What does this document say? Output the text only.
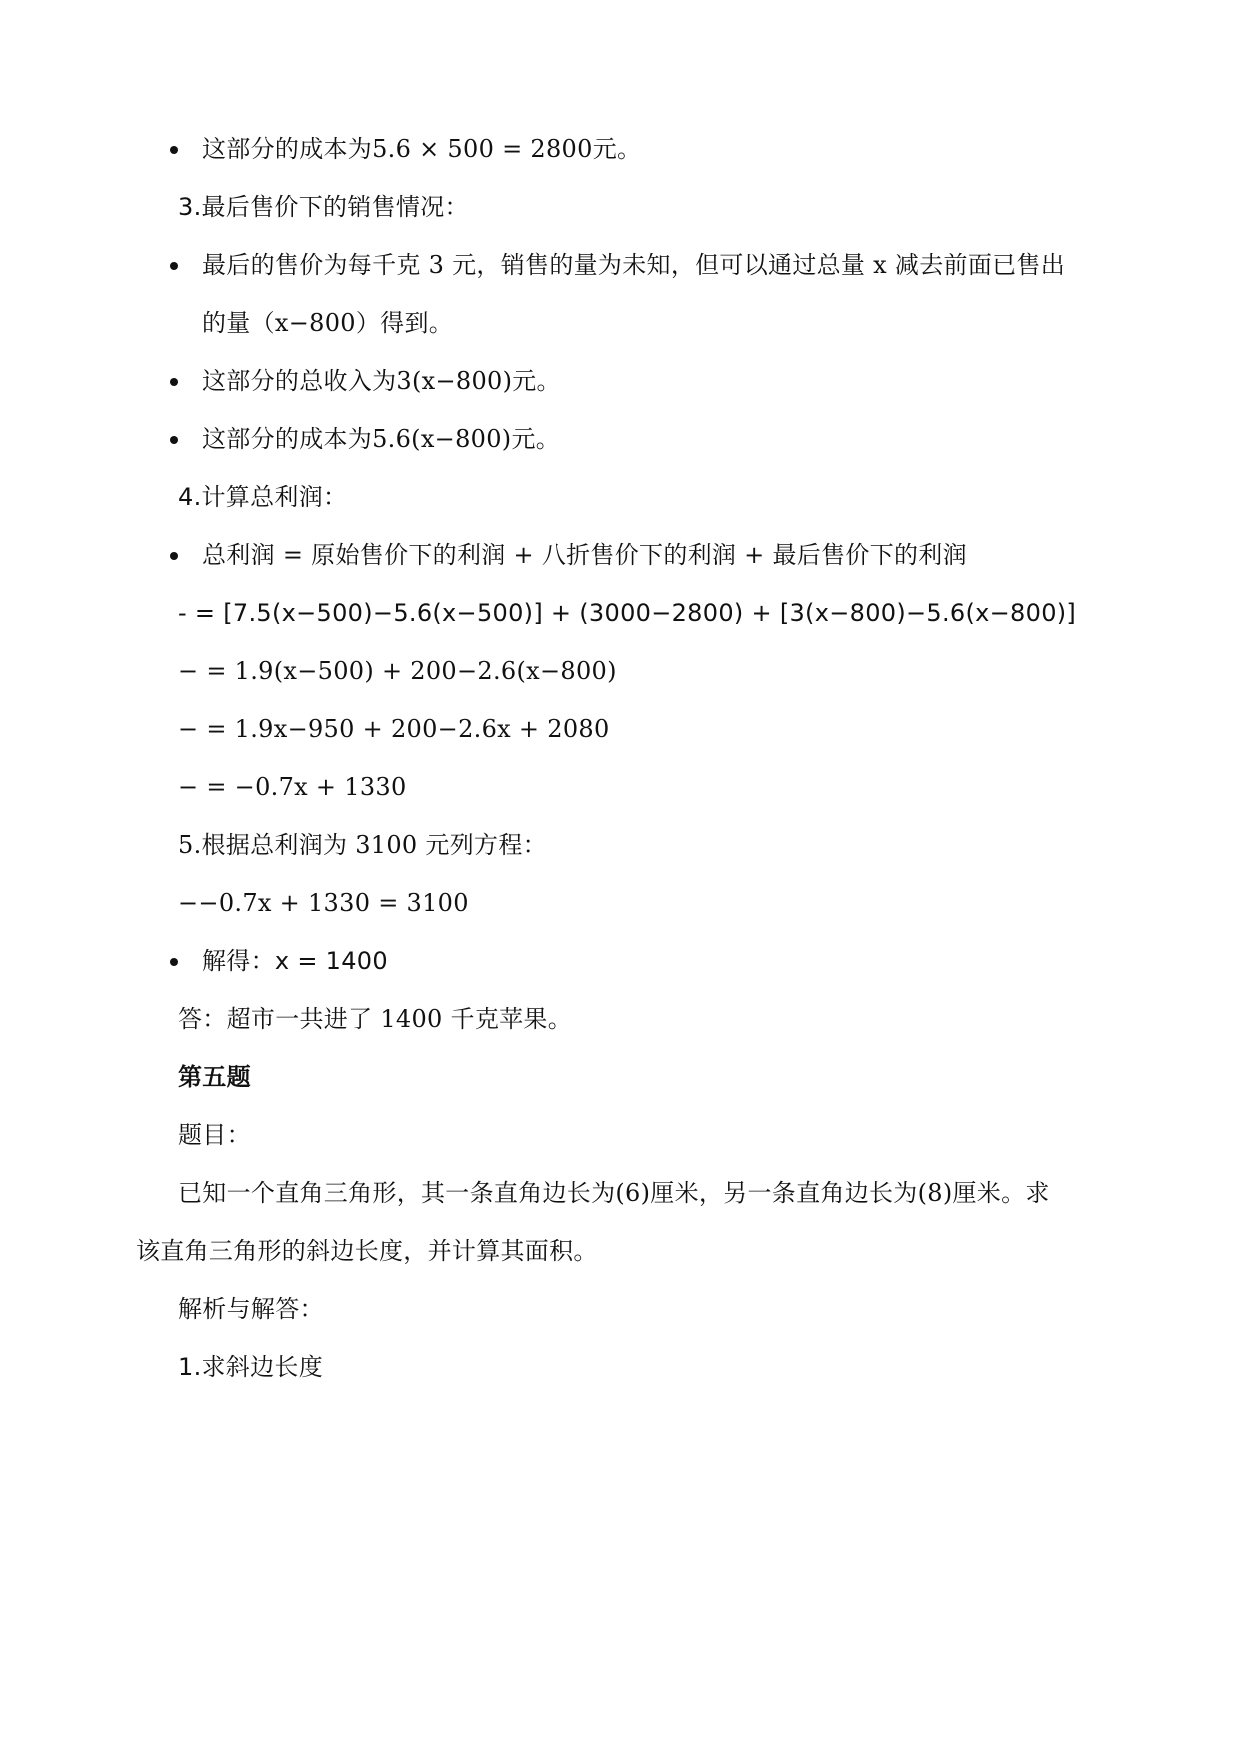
这部分的成本为5.6 × 500 = 2800元。
3.最后售价下的销售情况：
最后的售价为每千克 3 元，销售的量为未知，但可以通过总量 x 减去前面已售出
的量（x−800）得到。
这部分的总收入为3(x−800)元。
这部分的成本为5.6(x−800)元。
4.计算总利润：
总利润 = 原始售价下的利润 + 八折售价下的利润 + 最后售价下的利润
- = [7.5(x−500)−5.6(x−500)] + (3000−2800) + [3(x−800)−5.6(x−800)]
− = 1.9(x−500) + 200−2.6(x−800)
− = 1.9x−950 + 200−2.6x + 2080
− = −0.7x + 1330
5.根据总利润为 3100 元列方程：
−−0.7x + 1330 = 3100
解得：x = 1400
答：超市一共进了 1400 千克苹果。
第五题
题目：
已知一个直角三角形，其一条直角边长为(6)厘米，另一条直角边长为(8)厘米。求
该直角三角形的斜边长度，并计算其面积。
解析与解答：
1.求斜边长度
